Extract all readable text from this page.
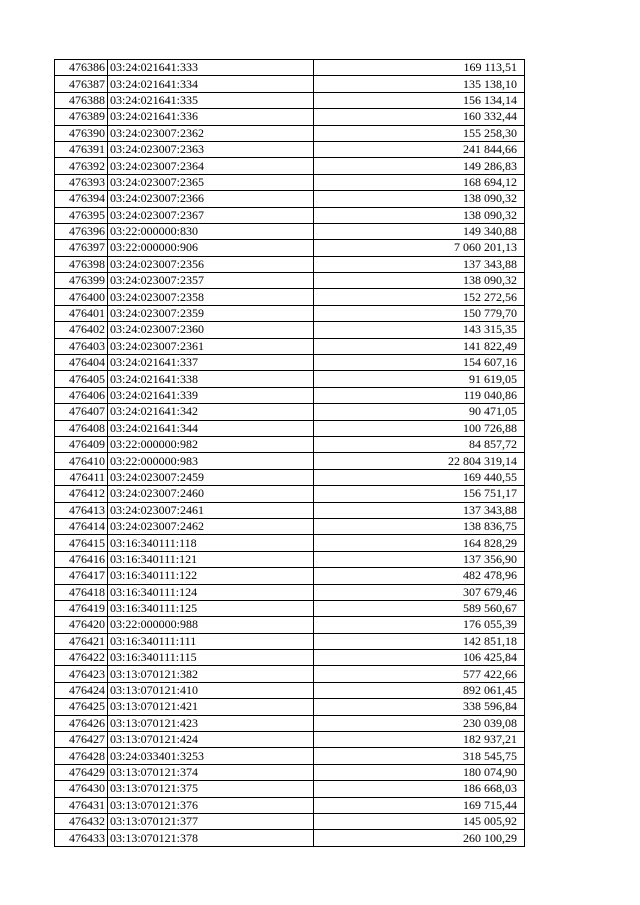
476386	03:24:021641:333	169 113,51
476387	03:24:021641:334	135 138,10
476388	03:24:021641:335	156 134,14
476389	03:24:021641:336	160 332,44
476390	03:24:023007:2362	155 258,30
476391	03:24:023007:2363	241 844,66
476392	03:24:023007:2364	149 286,83
476393	03:24:023007:2365	168 694,12
476394	03:24:023007:2366	138 090,32
476395	03:24:023007:2367	138 090,32
476396	03:22:000000:830	149 340,88
476397	03:22:000000:906	7 060 201,13
476398	03:24:023007:2356	137 343,88
476399	03:24:023007:2357	138 090,32
476400	03:24:023007:2358	152 272,56
476401	03:24:023007:2359	150 779,70
476402	03:24:023007:2360	143 315,35
476403	03:24:023007:2361	141 822,49
476404	03:24:021641:337	154 607,16
476405	03:24:021641:338	91 619,05
476406	03:24:021641:339	119 040,86
476407	03:24:021641:342	90 471,05
476408	03:24:021641:344	100 726,88
476409	03:22:000000:982	84 857,72
476410	03:22:000000:983	22 804 319,14
476411	03:24:023007:2459	169 440,55
476412	03:24:023007:2460	156 751,17
476413	03:24:023007:2461	137 343,88
476414	03:24:023007:2462	138 836,75
476415	03:16:340111:118	164 828,29
476416	03:16:340111:121	137 356,90
476417	03:16:340111:122	482 478,96
476418	03:16:340111:124	307 679,46
476419	03:16:340111:125	589 560,67
476420	03:22:000000:988	176 055,39
476421	03:16:340111:111	142 851,18
476422	03:16:340111:115	106 425,84
476423	03:13:070121:382	577 422,66
476424	03:13:070121:410	892 061,45
476425	03:13:070121:421	338 596,84
476426	03:13:070121:423	230 039,08
476427	03:13:070121:424	182 937,21
476428	03:24:033401:3253	318 545,75
476429	03:13:070121:374	180 074,90
476430	03:13:070121:375	186 668,03
476431	03:13:070121:376	169 715,44
476432	03:13:070121:377	145 005,92
476433	03:13:070121:378	260 100,29
